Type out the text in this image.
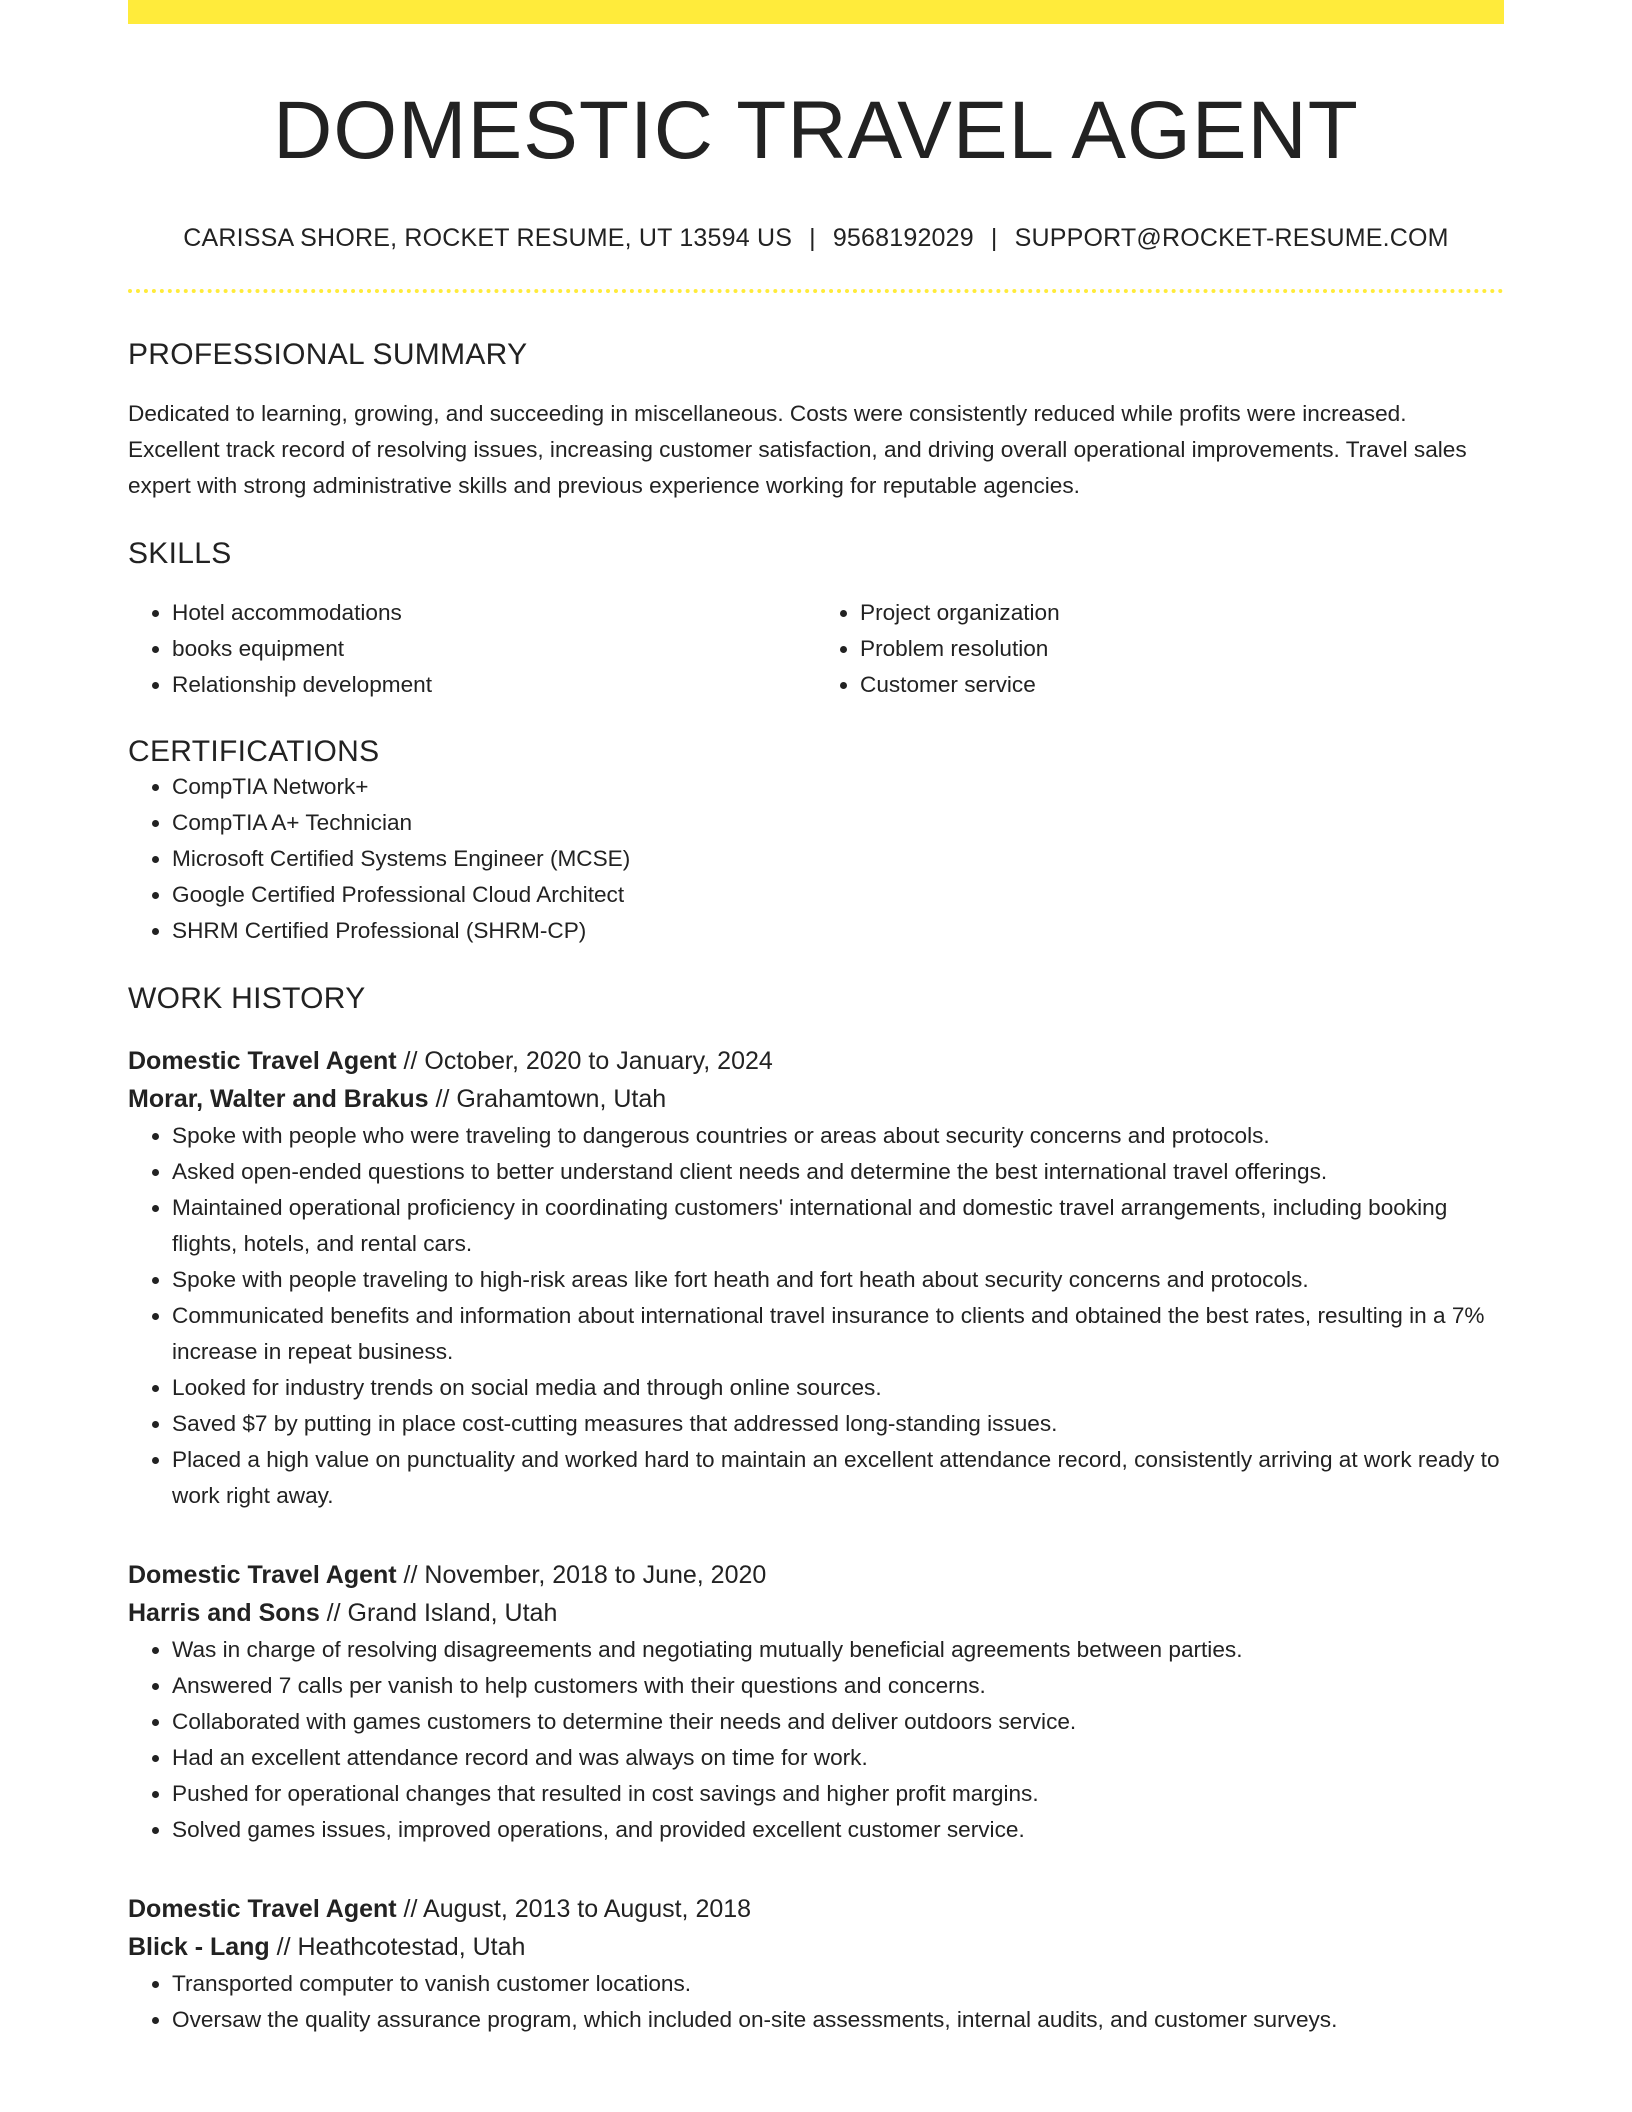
DOMESTIC TRAVEL AGENT
CARISSA SHORE, ROCKET RESUME, UT 13594 US | 9568192029 | SUPPORT@ROCKET-RESUME.COM
PROFESSIONAL SUMMARY

Dedicated to learning, growing, and succeeding in miscellaneous. Costs were consistently reduced while profits were increased. Excellent track record of resolving issues, increasing customer satisfaction, and driving overall operational improvements. Travel sales expert with strong administrative skills and previous experience working for reputable agencies.

SKILLS
• Hotel accommodations
• books equipment
• Relationship development
• Project organization
• Problem resolution
• Customer service
CERTIFICATIONS
• CompTIA Network+
• CompTIA A+ Technician
• Microsoft Certified Systems Engineer (MCSE)
• Google Certified Professional Cloud Architect
• SHRM Certified Professional (SHRM-CP)
WORK HISTORY
Domestic Travel Agent // October, 2020 to January, 2024
Morar, Walter and Brakus // Grahamtown, Utah
• Spoke with people who were traveling to dangerous countries or areas about security concerns and protocols.
• Asked open-ended questions to better understand client needs and determine the best international travel offerings.
• Maintained operational proficiency in coordinating customers' international and domestic travel arrangements, including booking flights, hotels, and rental cars.
• Spoke with people traveling to high-risk areas like fort heath and fort heath about security concerns and protocols.
• Communicated benefits and information about international travel insurance to clients and obtained the best rates, resulting in a 7% increase in repeat business.
• Looked for industry trends on social media and through online sources.
• Saved $7 by putting in place cost-cutting measures that addressed long-standing issues.
• Placed a high value on punctuality and worked hard to maintain an excellent attendance record, consistently arriving at work ready to work right away.
Domestic Travel Agent // November, 2018 to June, 2020
Harris and Sons // Grand Island, Utah
• Was in charge of resolving disagreements and negotiating mutually beneficial agreements between parties.
• Answered 7 calls per vanish to help customers with their questions and concerns.
• Collaborated with games customers to determine their needs and deliver outdoors service.
• Had an excellent attendance record and was always on time for work.
• Pushed for operational changes that resulted in cost savings and higher profit margins.
• Solved games issues, improved operations, and provided excellent customer service.
Domestic Travel Agent // August, 2013 to August, 2018
Blick - Lang // Heathcotestad, Utah
• Transported computer to vanish customer locations.
• Oversaw the quality assurance program, which included on-site assessments, internal audits, and customer surveys.
